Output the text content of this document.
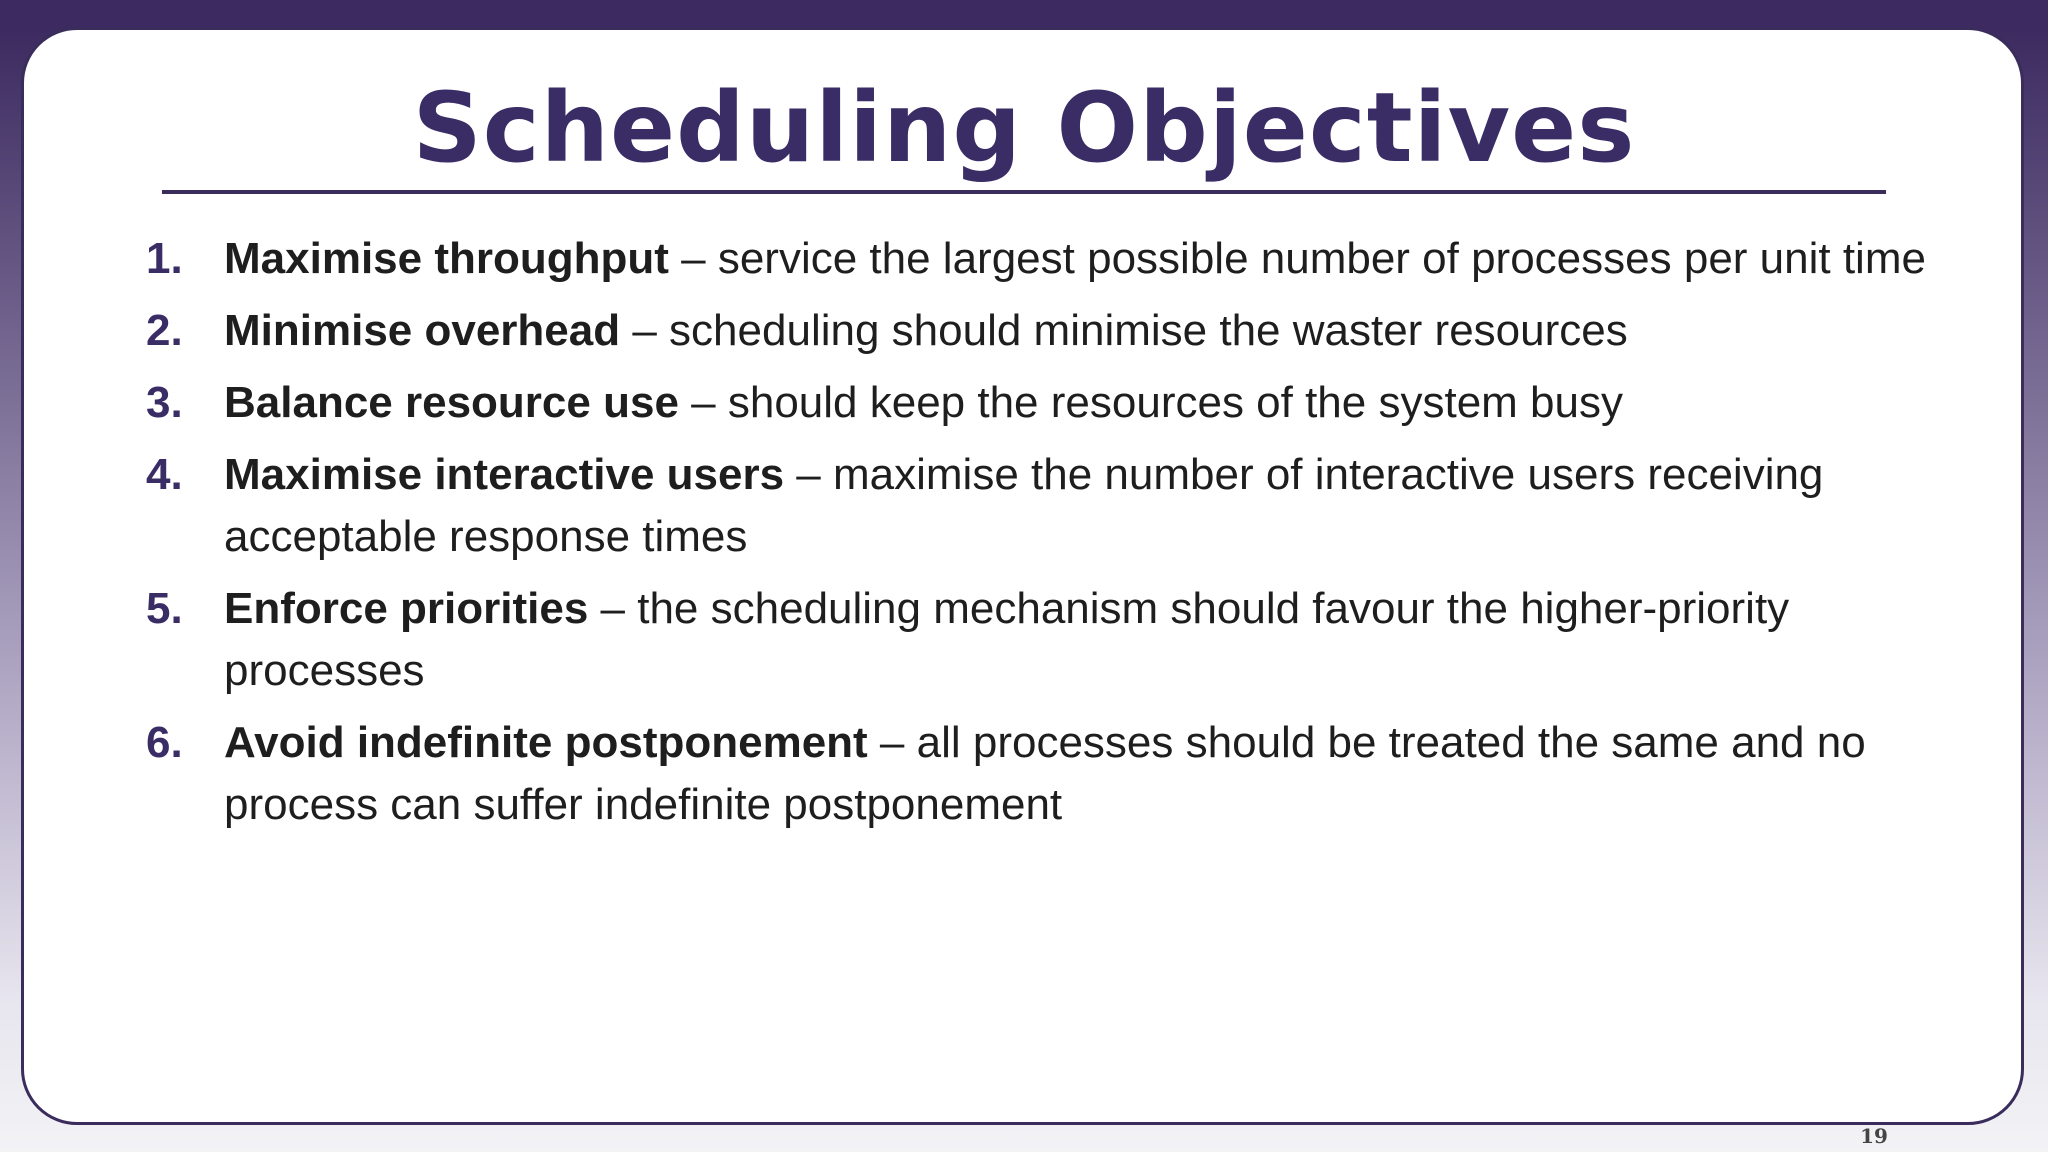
Scheduling Objectives
1. Maximise throughput – service the largest possible number of processes per unit time
2. Minimise overhead – scheduling should minimise the waster resources
3. Balance resource use – should keep the resources of the system busy
4. Maximise interactive users – maximise the number of interactive users receiving acceptable response times
5. Enforce priorities – the scheduling mechanism should favour the higher-priority processes
6. Avoid indefinite postponement – all processes should be treated the same and no process can suffer indefinite postponement
19
